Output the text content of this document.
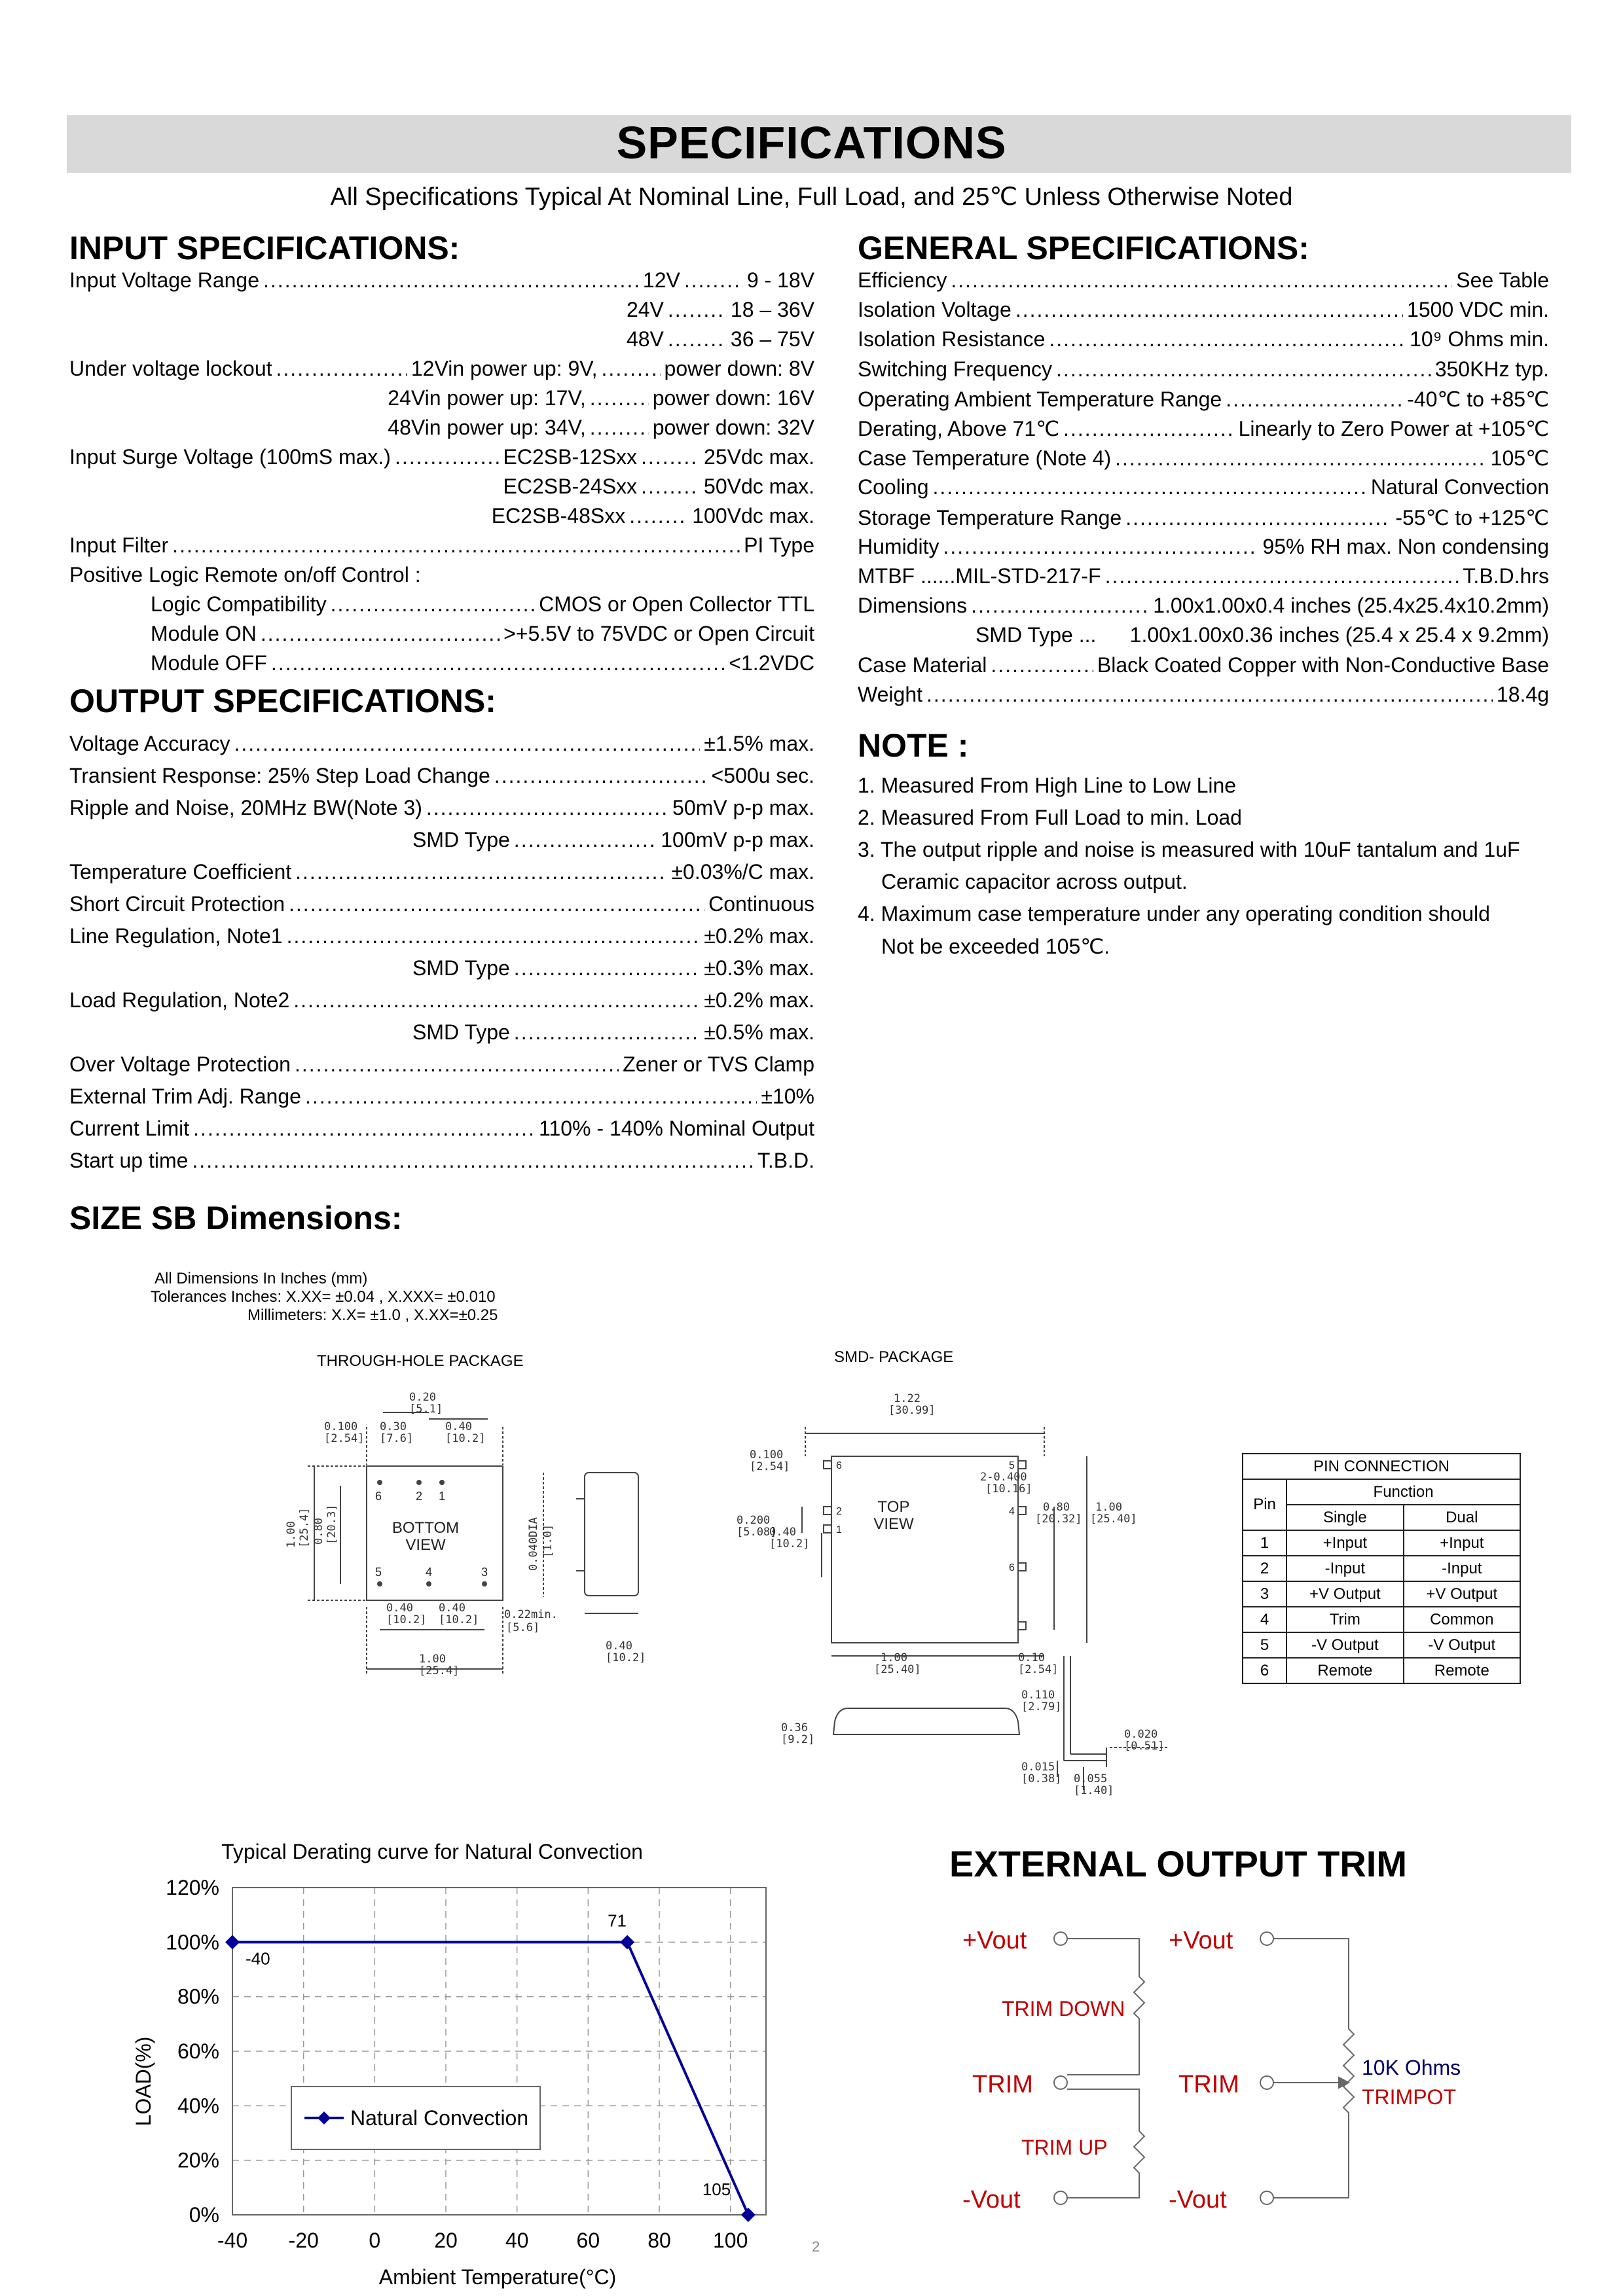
SPECIFICATIONS
All Specifications Typical At Nominal Line, Full Load, and 25℃ Unless Otherwise Noted
INPUT SPECIFICATIONS:	GENERAL SPECIFICATIONS:
OUTPUT SPECIFICATIONS:
NOTE :
SIZE SB Dimensions:
Input Voltage Range .....	12V .....	9 - 18V
24V .....	18 – 36V
48V .....	36 – 75V
Under voltage lockout .....	12Vin power up: 9V, .....	power down: 8V
24Vin power up: 17V, .....	power down: 16V
48Vin power up: 34V, .....	power down: 32V
Input Surge Voltage (100mS max.) .....	EC2SB-12Sxx .....	25Vdc max.
EC2SB-24Sxx .....	50Vdc max.
EC2SB-48Sxx .....	100Vdc max.
Input Filter .....	PI Type
Positive Logic Remote on/off Control :
Logic Compatibility .....	CMOS or Open Collector TTL
Module ON .....	>+5.5V to 75VDC or Open Circuit
Module OFF .....	<1.2VDC
Voltage Accuracy .....	±1.5% max.
Transient Response: 25% Step Load Change .....	<500u sec.
Ripple and Noise, 20MHz BW(Note 3) .....	50mV p-p max.
SMD Type .....	100mV p-p max.
Temperature Coefficient .....	±0.03%/C max.
Short Circuit Protection .....	Continuous
Line Regulation, Note1 .....	±0.2% max.
SMD Type .....	±0.3% max.
Load Regulation, Note2 .....	±0.2% max.
SMD Type .....	±0.5% max.
Over Voltage Protection .....	Zener or TVS Clamp
External Trim Adj. Range .....	±10%
Current Limit .....	110% - 140% Nominal Output
Start up time .....	T.B.D.
Efficiency .....	See Table
Isolation Voltage .....	1500 VDC min.
Isolation Resistance .....	10⁹ Ohms min.
Switching Frequency .....	350KHz typ.
Operating Ambient Temperature Range .....	-40℃ to +85℃
Derating, Above 71℃ .....	Linearly to Zero Power at +105℃
Case Temperature (Note 4) .....	105℃
Cooling .....	Natural Convection
Storage Temperature Range .....	-55℃ to +125℃
Humidity .....	95% RH max. Non condensing
MTBF ......MIL-STD-217-F .....	T.B.D.hrs
Dimensions .....	1.00x1.00x0.4 inches (25.4x25.4x10.2mm)
SMD Type ...	1.00x1.00x0.36 inches (25.4 x 25.4 x 9.2mm)
Case Material .....	Black Coated Copper with Non-Conductive Base
Weight .....	18.4g
1. Measured From High Line to Low Line
2. Measured From Full Load to min. Load
3. The output ripple and noise is measured with 10uF tantalum and 1uF
Ceramic capacitor across output.
4. Maximum case temperature under any operating condition should
Not be exceeded 105℃.
All Dimensions In Inches (mm)
Tolerances Inches: X.XX= ±0.04 , X.XXX= ±0.010
Millimeters: X.X= ±1.0 , X.XX=±0.25
THROUGH-HOLE PACKAGE	SMD- PACKAGE
0.20
[5.1]
0.100
[2.54]
0.30
[7.6]
0.40
[10.2]
1.00 [25.4] 0.80 [20.3]
0.40
[10.2]
0.40
[10.2]
1.00
[25.4]
0.040DIA [1.0]
0.22min.
[5.6]
0.40
[10.2]
6	2 1
5	4	3
BOTTOM
VIEW
1.22
[30.99]
0.100
[2.54]
2-0.400
[10.16]
0.80
[20.32]
1.00
[25.40]
0.200
[5.08]
0.40
[10.2]
1.00
[25.40]
0.10
[2.54]
0.110
[2.79]
0.36
[9.2]	0.020
[0.51]
0.015
[0.38] 0.055
[1.40]
6	5
2
1
4
6
TOP
VIEW
PIN CONNECTION		
Pin	Function	
	Single	Dual
1	+Input	+Input
2	-Input	-Input
3	+V Output	+V Output
4	Trim	Common
5	-V Output	-V Output
6	Remote	Remote
Typical Derating curve for Natural Convection
-40 -20 0	20 40 60 80 100
0%
20%
40%
60%
80%
100%
120%
-40
71
105
Natural Convection
Ambient Temperature(°C)
LOAD(%)
EXTERNAL OUTPUT TRIM
+Vout
TRIM
-Vout
TRIM DOWN
TRIM UP
+Vout
TRIM
-Vout
10K Ohms
TRIMPOT
2
